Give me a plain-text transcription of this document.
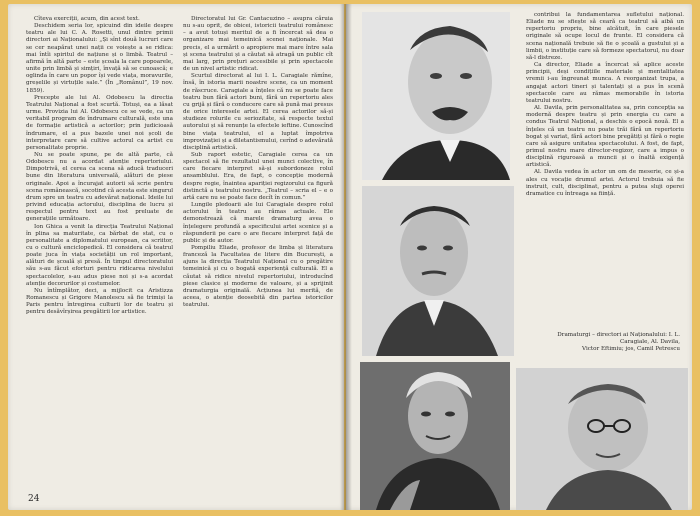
Cîteva exerciții, acum, din acest text.

Deschidem seria lor, spicuind din ideile despre teatru ale lui C. A. Rosetti, unul dintre primii directori ai Naționalului: „Și sînt două lucruri care se cer neapărat unei nații ce voiește a se ridica: mai întîi spiritul de națiune și o limbă. Teatrul – afirmă în altă parte – este școala la care popoarele, unite prin limbă și simțiri, învață să se cunoască; e oglinda în care un popor își vede viața, moravurile, greșelile și virtuțile sale.” (În „Românul”, 19 nov. 1859).

Precepte ale lui Al. Odobescu la directia Teatrului Național a fost scurtă. Totuși, ea a lăsat urme. Provizia lui Al. Odobescu ce se vede, ca un veritabil program de îndrumare culturală, este una de formație artistică a actorilor; prin judicioasă îndrumare, el a pus bazele unei noi școli de interpretare care să cultive actorul ca artist cu personalitate proprie.

Nu se poate spune, pe de altă parte, că Odobescu nu a acordat atenție repertoriului. Dimpotrivă, el cerea ca scena să aducă traduceri bune din literatura universală, alături de piese originale. Apoi a încurajat autorii să scrie pentru scena românească, socotind că acesta este singurul drum spre un teatru cu adevărat național. Ideile lui privind educația actorului, disciplina de lucru și respectul pentru text au fost preluate de generațiile următoare.

Ion Ghica a venit la direcția Teatrului Național în plina sa maturitate, ca bărbat de stat, cu o personalitate a diplomatului european, ca scriitor, cu o cultură enciclopedică. El considera că teatrul poate juca în viața societății un rol important, alături de școală și presă. În timpul directoratului său s-au făcut eforturi pentru ridicarea nivelului spectacolelor, s-au adus piese noi și s-a acordat atenție decorurilor și costumelor.

Nu întîmplător, deci, a mijlocit ca Aristizza Romanescu și Grigore Manolescu să fie trimiși la Paris pentru întregirea culturii lor de teatru și pentru desăvîrșirea pregătirii lor artistice.

Directoratul lui Gr. Cantacuzino – asupra căruia nu s-au oprit, de obicei, istoricii teatrului românesc – a avut totuși meritul de a fi încercat să dea o organizare mai temeinică scenei naționale. Mai precis, el a urmărit o apropiere mai mare între sala și scena teatrului și a căutat să atragă un public cît mai larg, prin prețuri accesibile și prin spectacole de un nivel artistic ridicat.

Scurtul directorat al lui I. L. Caragiale rămîne, însă, în istoria marii noastre scene, ca un moment de răscruce. Caragiale a înțeles că nu se poate face teatru bun fără actori buni, fără un repertoriu ales cu grijă și fără o conducere care să pună mai presus de orice interesele artei. El cerea actorilor să-și studieze rolurile cu seriozitate, să respecte textul autorului și să renunțe la efectele ieftine. Cunoscînd bine viața teatrului, el a luptat împotriva improvizației și a diletantismului, cerînd o adevărată disciplină artistică.

Sub raport estetic, Caragiale cerea ca un spectacol să fie rezultatul unei munci colective, în care fiecare interpret să-și subordoneze rolul ansamblului. Era, de fapt, o concepție modernă despre regie, înaintea apariției regizorului ca figură distinctă a teatrului nostru. „Teatrul – scria el – e o artă care nu se poate face decît în comun.”

Lungile pledoarii ale lui Caragiale despre rolul actorului în teatru au rămas actuale. Ele demonstrează că marele dramaturg avea o înțelegere profundă a specificului artei scenice și a răspunderii pe care o are fiecare interpret față de public și de autor.

Pompiliu Eliade, profesor de limba și literatura franceză la Facultatea de litere din București, a ajuns la direcția Teatrului Național cu o pregătire temeinică și cu o bogată experiență culturală. El a căutat să ridice nivelul repertoriului, introducînd piese clasice și moderne de valoare, și a sprijinit dramaturgia originală. Acțiunea lui merită, de aceea, o atenție deosebită din partea istoricilor teatrului.

24

contribui la fundamentarea sufletului național. Eliade nu se sfiește să ceară ca teatrul să aibă un repertoriu propriu, bine alcătuit, în care piesele originale să ocupe locul de frunte. El considera că scena națională trebuie să fie o școală a gustului și a limbii, o instituție care să formeze spectatorul, nu doar să-l distreze.

Ca director, Eliade a încercat să aplice aceste principii, deși condițiile materiale și mentalitatea vremii i-au îngreunat munca. A reorganizat trupa, a angajat actori tineri și talentați și a pus în scenă spectacole care au rămas memorabile în istoria teatrului nostru.

Al. Davila, prin personalitatea sa, prin concepția sa modernă despre teatru și prin energia cu care a condus Teatrul Național, a deschis o epocă nouă. El a înțeles că un teatru nu poate trăi fără un repertoriu bogat și variat, fără actori bine pregătiți și fără o regie care să asigure unitatea spectacolului. A fost, de fapt, primul nostru mare director-regizor, care a impus o disciplină riguroasă a muncii și o înaltă exigență artistică.

Al. Davila vedea în actor un om de meserie, ce și-a ales cu vocație drumul artei. Actorul trebuia să fie instruit, cult, disciplinat, pentru a putea sluji operei dramatice cu întreaga sa ființă.

Dramaturgi – directori ai Naționalului: I. L. Caragiale, Al. Davila,
Victor Eftimiu; jos, Camil Petrescu
